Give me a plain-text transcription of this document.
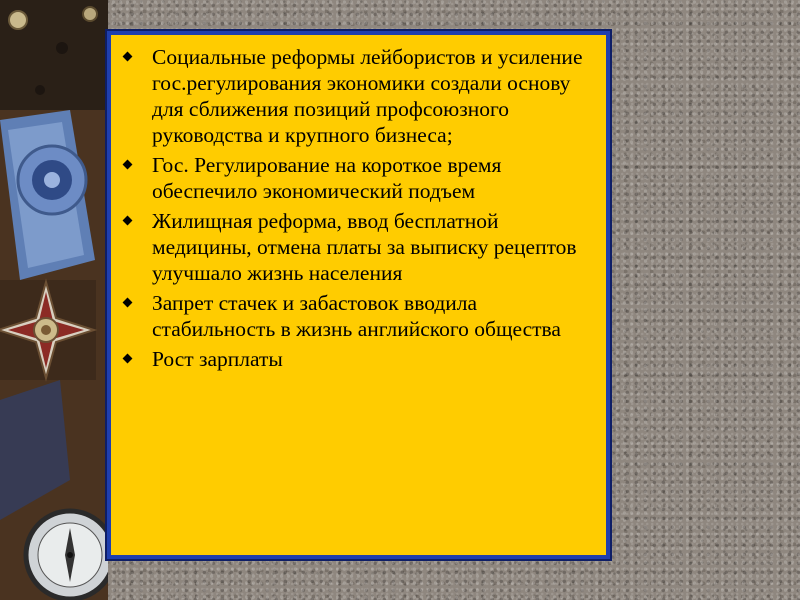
Социальные реформы лейбористов и усиление гос.регулирования экономики создали основу для сближения позиций профсоюзного руководства и крупного бизнеса;
Гос. Регулирование на короткое время обеспечило экономический подъем
Жилищная реформа, ввод бесплатной медицины, отмена платы за выписку рецептов улучшало жизнь населения
Запрет стачек и забастовок вводила стабильность в жизнь английского общества
Рост зарплаты
